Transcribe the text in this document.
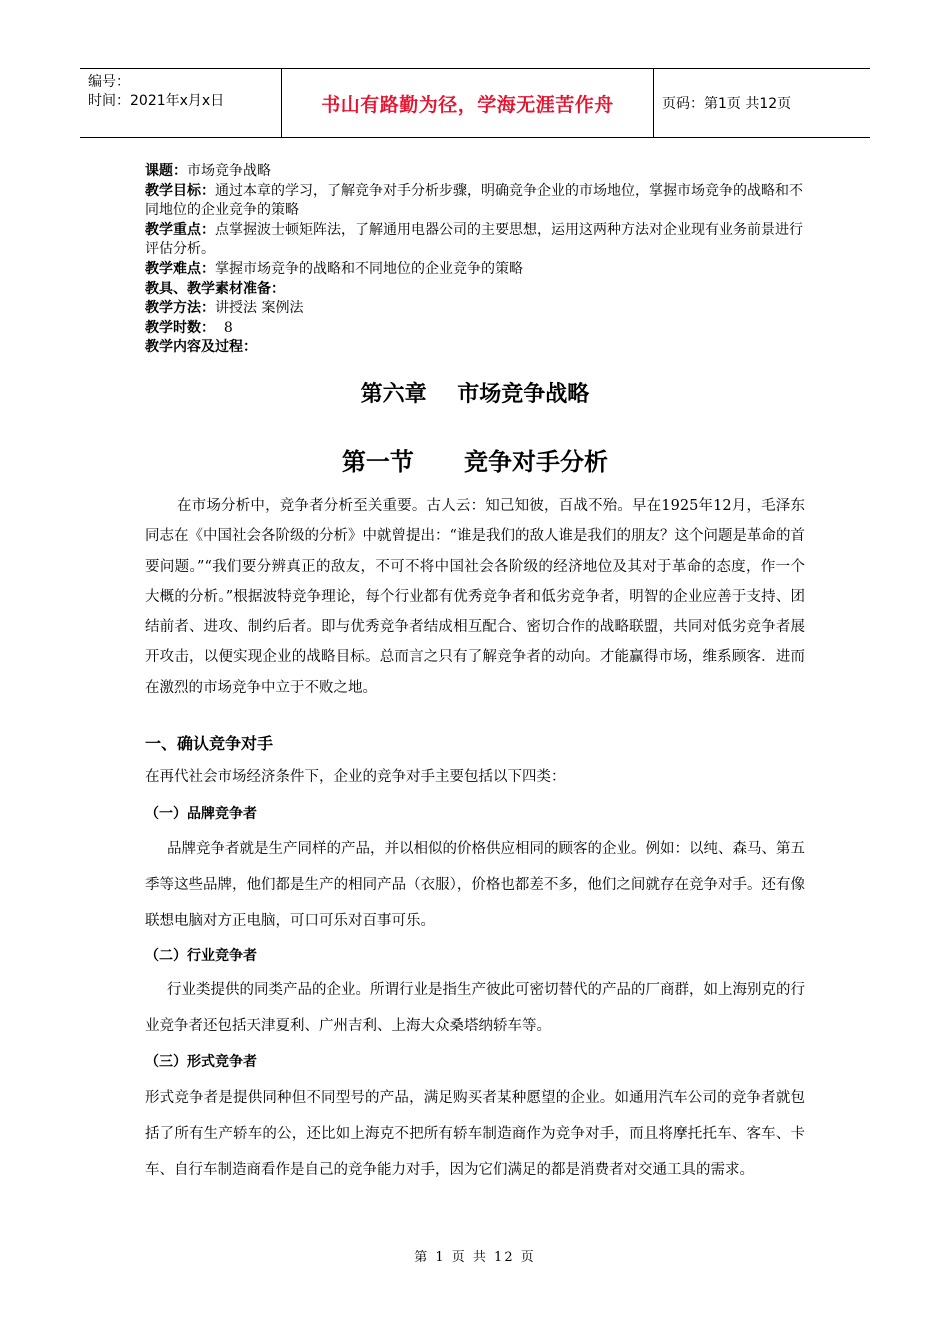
编号：
时间：2021年x月x日	书山有路勤为径，学海无涯苦作舟	页码：第1页 共12页

课题：市场竞争战略

教学目标：通过本章的学习，了解竞争对手分析步骤，明确竞争企业的市场地位，掌握市场竞争的战略和不同地位的企业竞争的策略

教学重点：点掌握波士顿矩阵法，了解通用电器公司的主要思想，运用这两种方法对企业现有业务前景进行评估分析。

教学难点：掌握市场竞争的战略和不同地位的企业竞争的策略

教具、教学素材准备：

教学方法：讲授法 案例法

教学时数：  8

教学内容及过程：

第六章    市场竞争战略
第一节      竞争对手分析

在市场分析中，竞争者分析至关重要。古人云：知己知彼，百战不殆。早在1925年12月，毛泽东同志在《中国社会各阶级的分析》中就曾提出：“谁是我们的敌人谁是我们的朋友？这个问题是革命的首要问题。”“我们要分辨真正的敌友，不可不将中国社会各阶级的经济地位及其对于革命的态度，作一个大概的分析。”根据波特竞争理论，每个行业都有优秀竞争者和低劣竞争者，明智的企业应善于支持、团结前者、进攻、制约后者。即与优秀竞争者结成相互配合、密切合作的战略联盟，共同对低劣竞争者展开攻击，以便实现企业的战略目标。总而言之只有了解竞争者的动向。才能赢得市场，维系顾客．进而在激烈的市场竞争中立于不败之地。

一、确认竞争对手

在再代社会市场经济条件下，企业的竞争对手主要包括以下四类：

（一）品牌竞争者

品牌竞争者就是生产同样的产品，并以相似的价格供应相同的顾客的企业。例如：以纯、森马、第五季等这些品牌，他们都是生产的相同产品（衣服），价格也都差不多，他们之间就存在竞争对手。还有像联想电脑对方正电脑，可口可乐对百事可乐。

（二）行业竞争者

行业类提供的同类产品的企业。所谓行业是指生产彼此可密切替代的产品的厂商群，如上海别克的行业竞争者还包括天津夏利、广州吉利、上海大众桑塔纳轿车等。

（三）形式竞争者

形式竞争者是提供同种但不同型号的产品，满足购买者某种愿望的企业。如通用汽车公司的竞争者就包括了所有生产轿车的公，还比如上海克不把所有轿车制造商作为竞争对手，而且将摩托托车、客车、卡车、自行车制造商看作是自己的竞争能力对手，因为它们满足的都是消费者对交通工具的需求。

第 1 页 共 12 页
